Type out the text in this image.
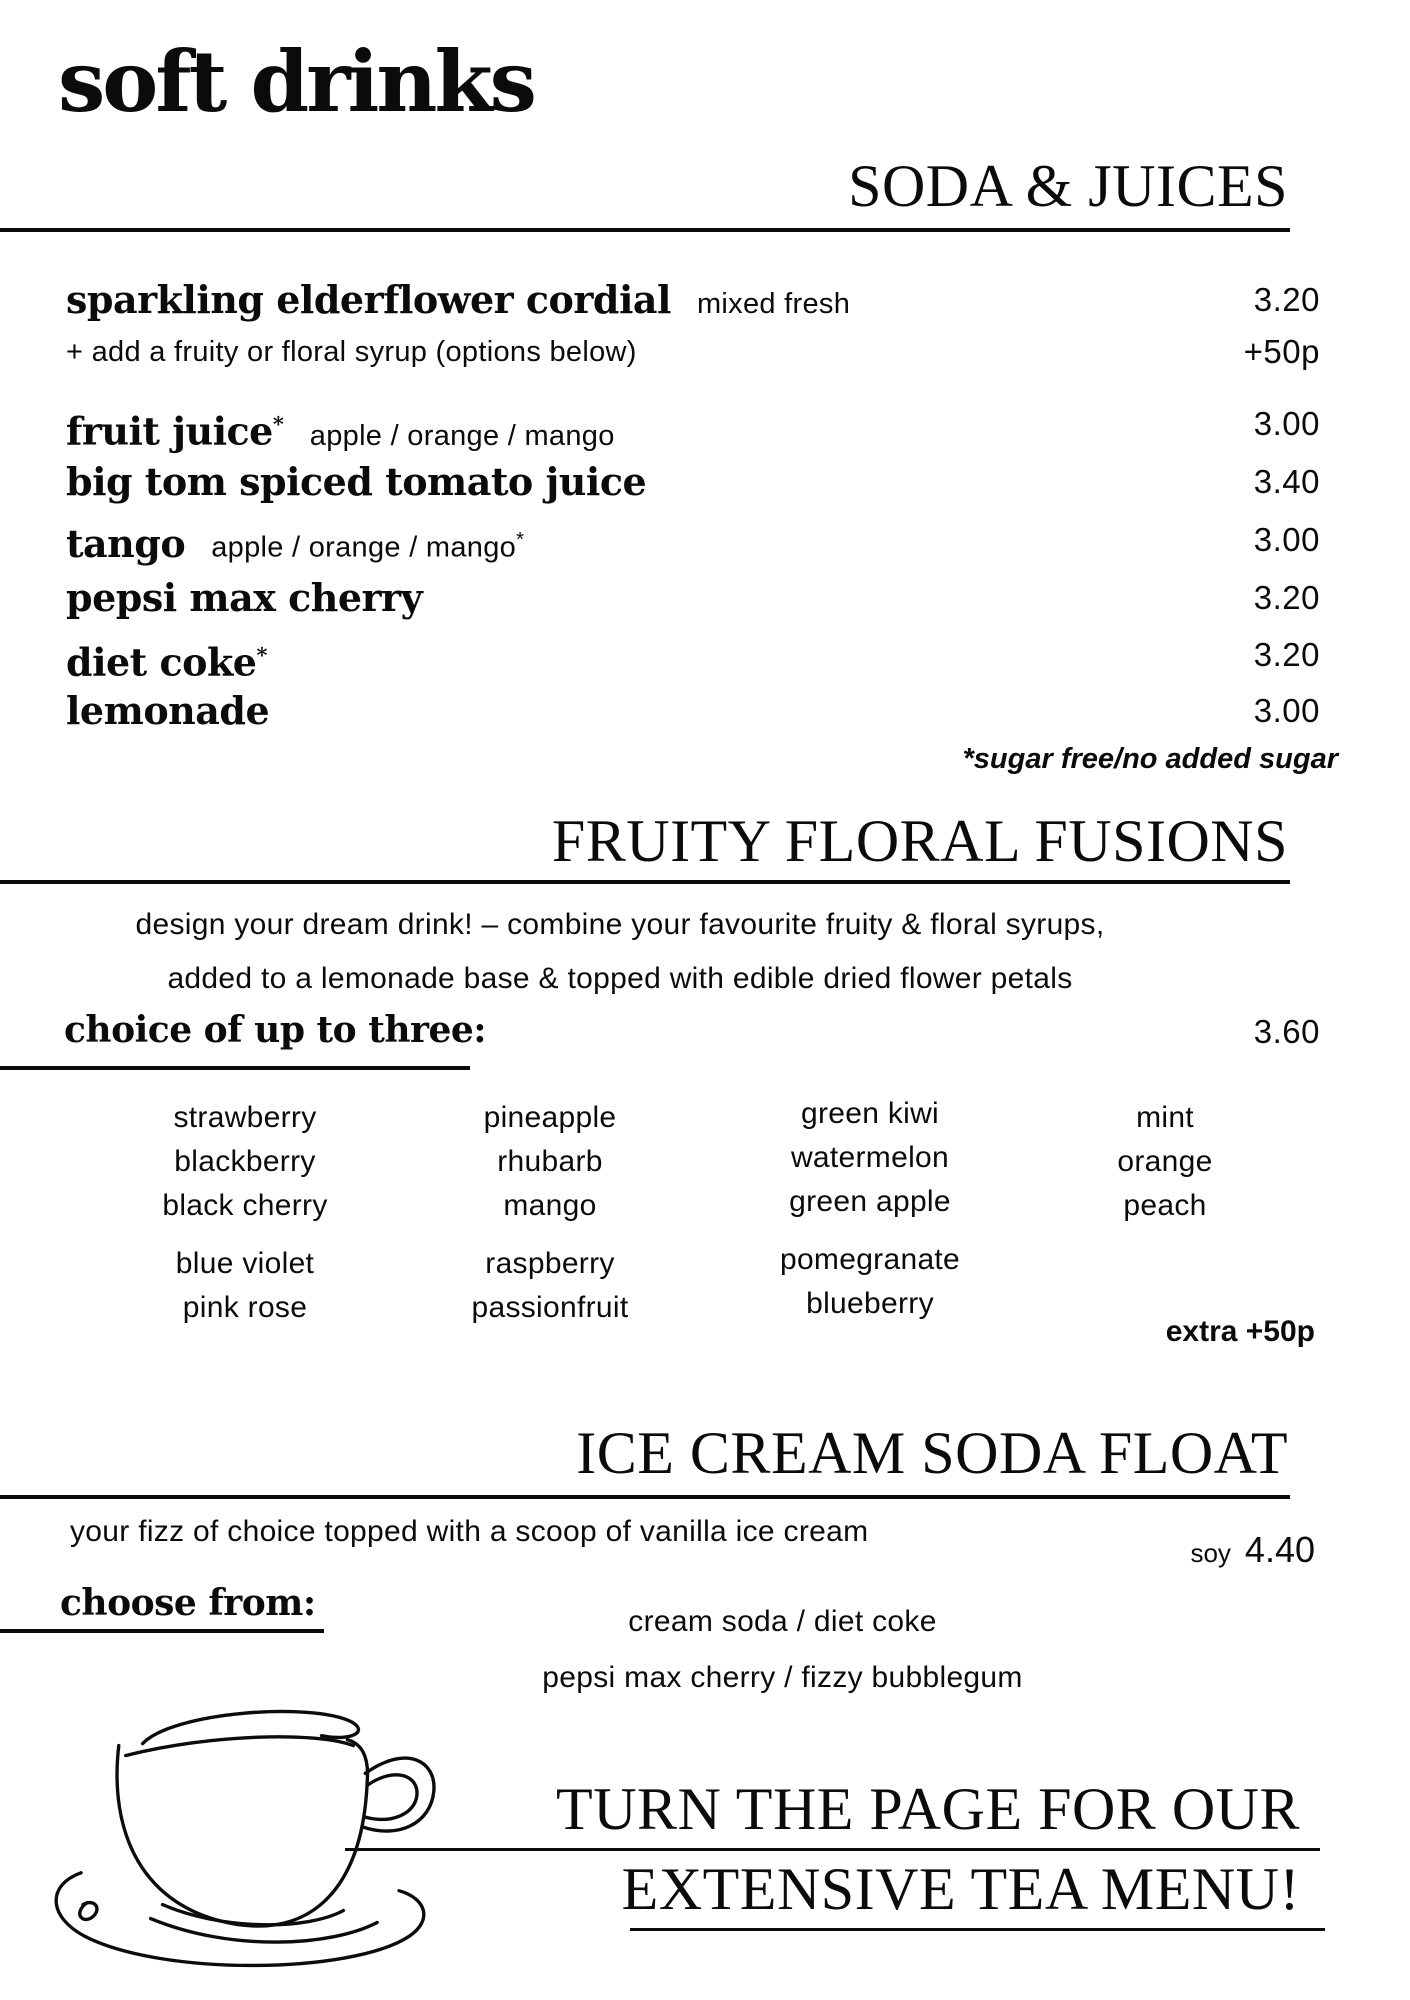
soft drinks
SODA & JUICES
sparkling elderflower cordial mixed fresh	3.20
+ add a fruity or floral syrup (options below)	+50p
fruit juice* apple / orange / mango	3.00
big tom spiced tomato juice	3.40
tango apple / orange / mango*	3.00
pepsi max cherry	3.20
diet coke*	3.20
lemonade	3.00
*sugar free/no added sugar
FRUITY FLORAL FUSIONS
design your dream drink! – combine your favourite fruity & floral syrups,
added to a lemonade base & topped with edible dried flower petals
choice of up to three:	3.60
strawberry
blackberry
black cherry
blue violet
pink rose
pineapple
rhubarb
mango
raspberry
passionfruit
green kiwi
watermelon
green apple
pomegranate
blueberry
mint
orange
peach
extra +50p
ICE CREAM SODA FLOAT
your fizz of choice topped with a scoop of vanilla ice cream
soy 4.40
choose from:	cream soda / diet coke
pepsi max cherry / fizzy bubblegum
TURN THE PAGE FOR OUR
EXTENSIVE TEA MENU!
